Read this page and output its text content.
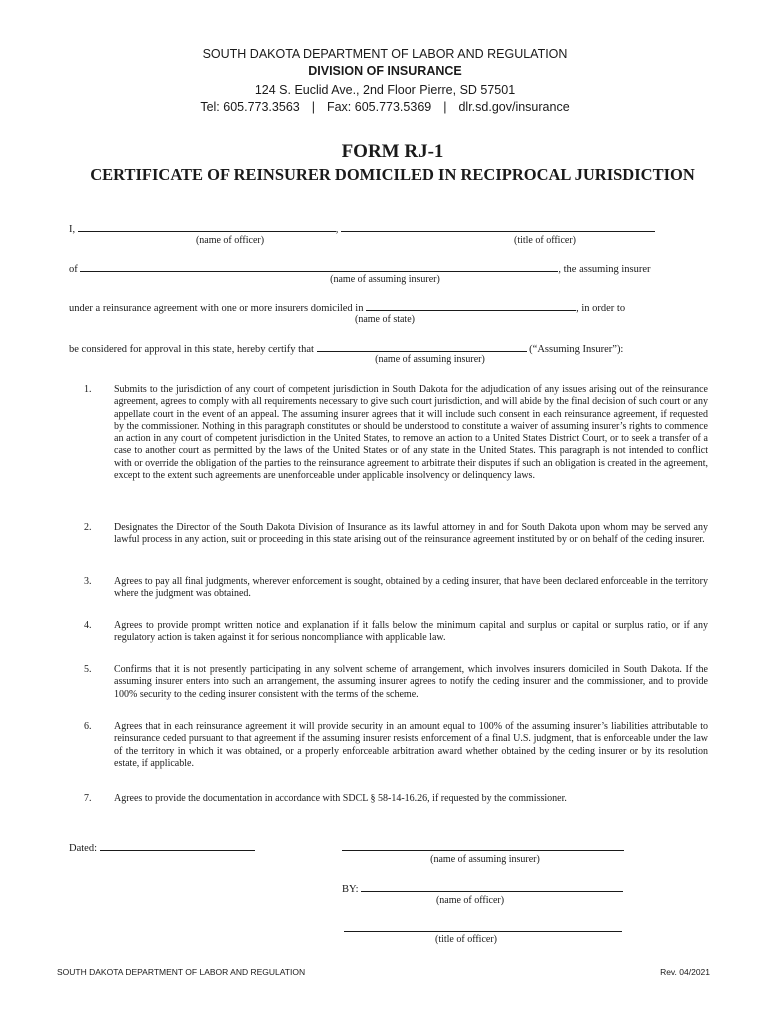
SOUTH DAKOTA DEPARTMENT OF LABOR AND REGULATION
DIVISION OF INSURANCE
124 S. Euclid Ave., 2nd Floor Pierre, SD 57501
Tel: 605.773.3563 | Fax: 605.773.5369 | dlr.sd.gov/insurance
FORM RJ-1
CERTIFICATE OF REINSURER DOMICILED IN RECIPROCAL JURISDICTION
I,	,
(name of officer)	(title of officer)
of	, the assuming insurer
(name of assuming insurer)
under a reinsurance agreement with one or more insurers domiciled in	, in order to
(name of state)
be considered for approval in this state, hereby certify that	(“Assuming Insurer”):
(name of assuming insurer)
1.	Submits to the jurisdiction of any court of competent jurisdiction in South Dakota for the adjudication of any issues arising out of the reinsurance agreement, agrees to comply with all requirements necessary to give such court jurisdiction, and will abide by the final decision of such court or any appellate court in the event of an appeal. The assuming insurer agrees that it will include such consent in each reinsurance agreement, if requested by the commissioner. Nothing in this paragraph constitutes or should be understood to constitute a waiver of assuming insurer’s rights to commence an action in any court of competent jurisdiction in the United States, to remove an action to a United States District Court, or to seek a transfer of a case to another court as permitted by the laws of the United States or of any state in the United States. This paragraph is not intended to conflict with or override the obligation of the parties to the reinsurance agreement to arbitrate their disputes if such an obligation is created in the agreement, except to the extent such agreements are unenforceable under applicable insolvency or delinquency laws.
2.	Designates the Director of the South Dakota Division of Insurance as its lawful attorney in and for South Dakota upon whom may be served any lawful process in any action, suit or proceeding in this state arising out of the reinsurance agreement instituted by or on behalf of the ceding insurer.
3.	Agrees to pay all final judgments, wherever enforcement is sought, obtained by a ceding insurer, that have been declared enforceable in the territory where the judgment was obtained.
4.	Agrees to provide prompt written notice and explanation if it falls below the minimum capital and surplus or capital or surplus ratio, or if any regulatory action is taken against it for serious noncompliance with applicable law.
5.	Confirms that it is not presently participating in any solvent scheme of arrangement, which involves insurers domiciled in South Dakota. If the assuming insurer enters into such an arrangement, the assuming insurer agrees to notify the ceding insurer and the commissioner, and to provide 100% security to the ceding insurer consistent with the terms of the scheme.
6.	Agrees that in each reinsurance agreement it will provide security in an amount equal to 100% of the assuming insurer’s liabilities attributable to reinsurance ceded pursuant to that agreement if the assuming insurer resists enforcement of a final U.S. judgment, that is enforceable under the law of the territory in which it was obtained, or a properly enforceable arbitration award whether obtained by the ceding insurer or by its resolution estate, if applicable.
7.	Agrees to provide the documentation in accordance with SDCL § 58-14-16.26, if requested by the commissioner.
Dated:
(name of assuming insurer)
BY:
(name of officer)
(title of officer)
SOUTH DAKOTA DEPARTMENT OF LABOR AND REGULATION	Rev. 04/2021
